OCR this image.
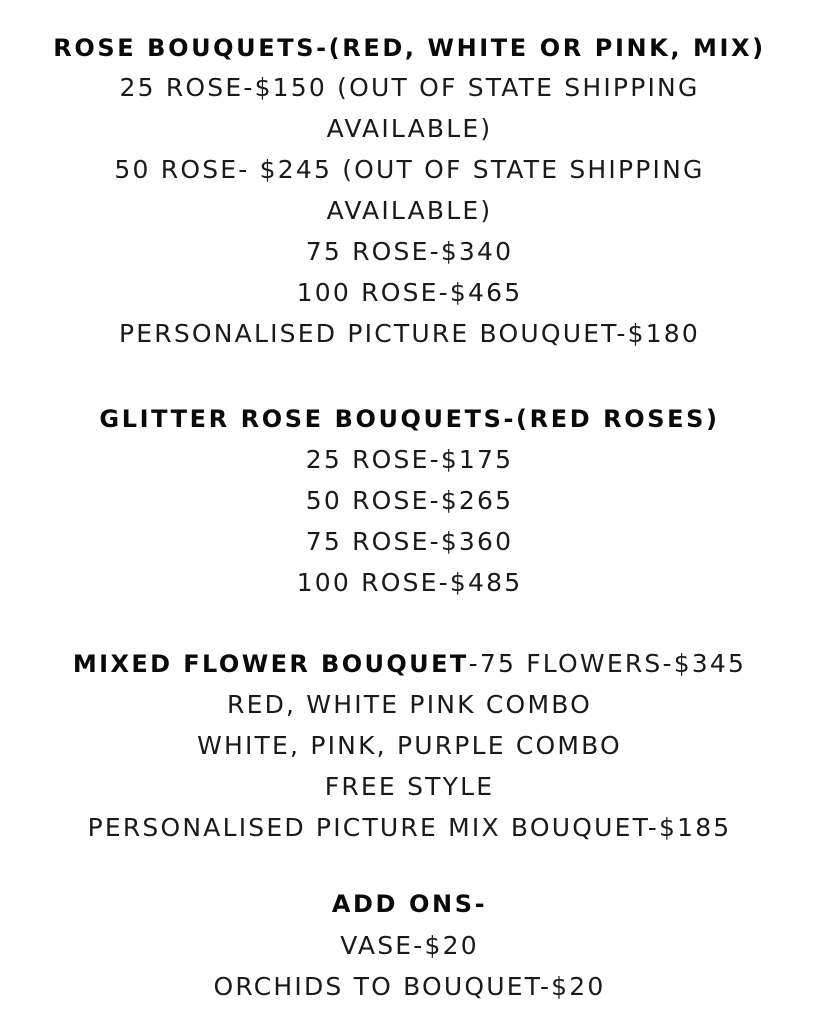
ROSE BOUQUETS-(RED, WHITE OR PINK, MIX)
25 ROSE-$150 (OUT OF STATE SHIPPING
AVAILABLE)
50 ROSE- $245 (OUT OF STATE SHIPPING
AVAILABLE)
75 ROSE-$340
100 ROSE-$465
PERSONALISED PICTURE BOUQUET-$180
GLITTER ROSE BOUQUETS-(RED ROSES)
25 ROSE-$175
50 ROSE-$265
75 ROSE-$360
100 ROSE-$485
MIXED FLOWER BOUQUET-75 FLOWERS-$345
RED, WHITE PINK COMBO
WHITE, PINK, PURPLE COMBO
FREE STYLE
PERSONALISED PICTURE MIX BOUQUET-$185
ADD ONS-
VASE-$20
ORCHIDS TO BOUQUET-$20
